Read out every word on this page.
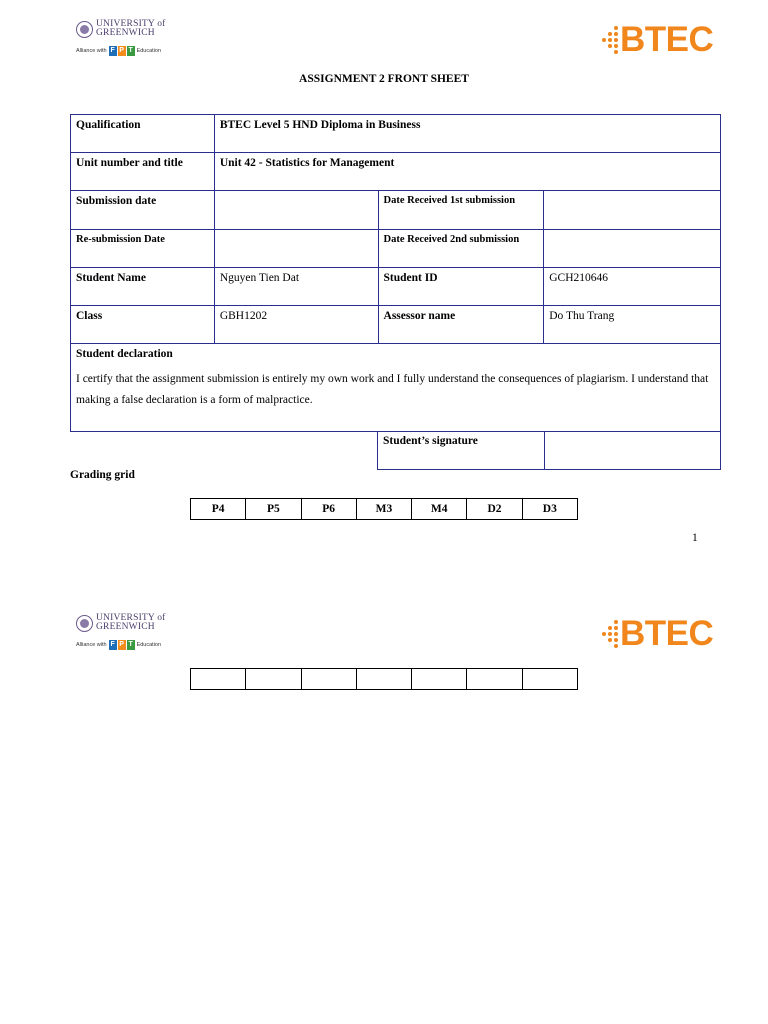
UNIVERSITY of
GREENWICH
Alliance with F P T Education	BTEC
ASSIGNMENT 2 FRONT SHEET
Qualification	BTEC Level 5 HND Diploma in Business		
Unit number and title	Unit 42 - Statistics for Management		
Submission date		Date Received 1st submission	
Re-submission Date		Date Received 2nd submission	
Student Name	Nguyen Tien Dat	Student ID	GCH210646
Class	GBH1202	Assessor name	Do Thu Trang

Student declaration
I certify that the assignment submission is entirely my own work and I fully understand the consequences of plagiarism. I understand that making a false declaration is a form of malpractice.			
Student’s signature	
Grading grid
P4	P5	P6	M3	M4	D2	D3
1
UNIVERSITY of
GREENWICH
Alliance with F P T Education	BTEC
